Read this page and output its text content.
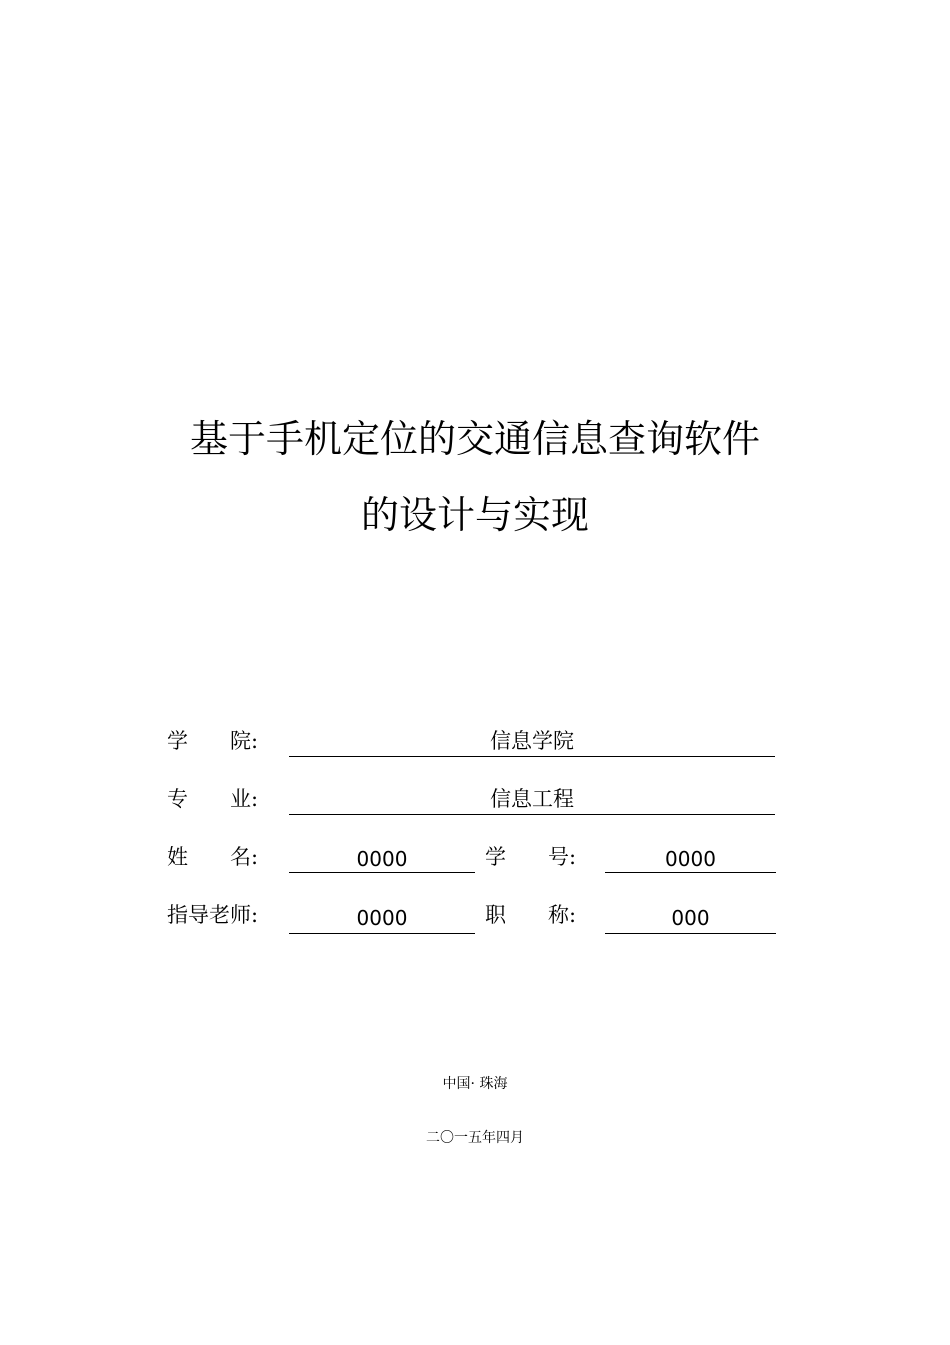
基于手机定位的交通信息查询软件
的设计与实现
学　　院:	信息学院
专　　业:	信息工程
姓　　名:	0000	学　　号:	0000
指导老师:	0000	职　　称:	000
中国· 珠海
二〇一五年四月
